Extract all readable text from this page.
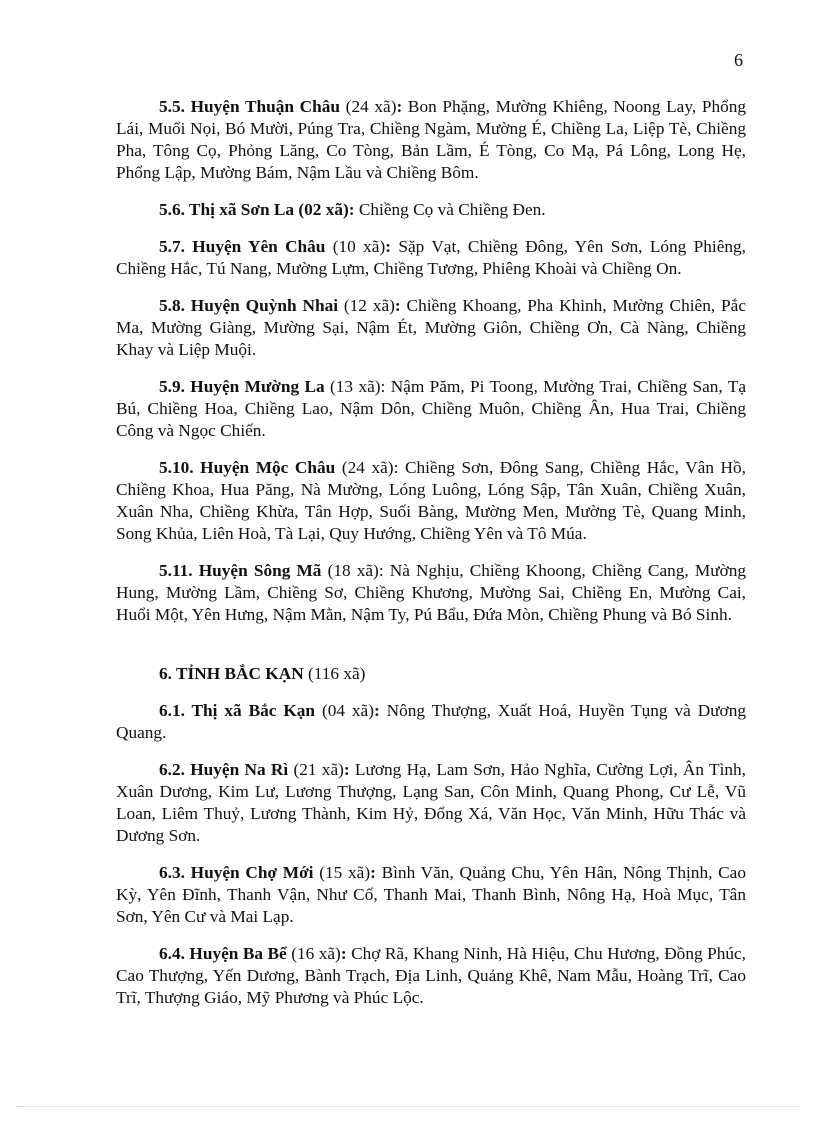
6

5.5. Huyện Thuận Châu (24 xã): Bon Phặng, Mường Khiêng, Noong Lay, Phổng Lái, Muổi Nọi, Bó Mười, Púng Tra, Chiềng Ngàm, Mường É, Chiềng La, Liệp Tè, Chiềng Pha, Tông Cọ, Phỏng Lăng, Co Tòng, Bản Lầm, É Tòng, Co Mạ, Pá Lông, Long Hẹ, Phổng Lập, Mường Bám, Nậm Lầu và Chiềng Bôm.

5.6. Thị xã Sơn La (02 xã): Chiềng Cọ và Chiềng Đen.

5.7. Huyện Yên Châu (10 xã): Sặp Vạt, Chiềng Đông, Yên Sơn, Lóng Phiêng, Chiềng Hắc, Tú Nang, Mường Lựm, Chiềng Tương, Phiêng Khoài và Chiềng On.

5.8. Huyện Quỳnh Nhai (12 xã): Chiềng Khoang, Pha Khinh, Mường Chiên, Pắc Ma, Mường Giàng, Mường Sại, Nậm Ét, Mường Giôn, Chiềng Ơn, Cà Nàng, Chiềng Khay và Liệp Muội.

5.9. Huyện Mường La (13 xã): Nậm Păm, Pi Toong, Mường Trai, Chiềng San, Tạ Bú, Chiềng Hoa, Chiềng Lao, Nậm Dôn, Chiềng Muôn, Chiềng Ân, Hua Trai, Chiềng Công và Ngọc Chiến.

5.10. Huyện Mộc Châu (24 xã): Chiềng Sơn, Đông Sang, Chiềng Hắc, Vân Hồ, Chiềng Khoa, Hua Păng, Nà Mường, Lóng Luông, Lóng Sập, Tân Xuân, Chiềng Xuân, Xuân Nha, Chiềng Khừa, Tân Hợp, Suối Bàng, Mường Men, Mường Tè, Quang Minh, Song Khủa, Liên Hoà, Tà Lại, Quy Hướng, Chiềng Yên và Tô Múa.

5.11. Huyện Sông Mã (18 xã): Nà Nghịu, Chiềng Khoong, Chiềng Cang, Mường Hung, Mường Lầm, Chiềng Sơ, Chiềng Khương, Mường Sai, Chiềng En, Mường Cai, Huổi Một, Yên Hưng, Nậm Mằn, Nậm Ty, Pú Bẩu, Đứa Mòn, Chiềng Phung và Bó Sinh.

6. TỈNH BẮC KẠN (116 xã)

6.1. Thị xã Bắc Kạn (04 xã): Nông Thượng, Xuất Hoá, Huyền Tụng và Dương Quang.

6.2. Huyện Na Rì (21 xã): Lương Hạ, Lam Sơn, Hảo Nghĩa, Cường Lợi, Ân Tình, Xuân Dương, Kim Lư, Lương Thượng, Lạng San, Côn Minh, Quang Phong, Cư Lễ, Vũ Loan, Liêm Thuỷ, Lương Thành, Kim Hỷ, Đổng Xá, Văn Học, Văn Minh, Hữu Thác và Dương Sơn.

6.3. Huyện Chợ Mới (15 xã): Bình Văn, Quảng Chu, Yên Hân, Nông Thịnh, Cao Kỳ, Yên Đĩnh, Thanh Vận, Như Cố, Thanh Mai, Thanh Bình, Nông Hạ, Hoà Mục, Tân Sơn, Yên Cư và Mai Lạp.

6.4. Huyện Ba Bể (16 xã): Chợ Rã, Khang Ninh, Hà Hiệu, Chu Hương, Đồng Phúc, Cao Thượng, Yến Dương, Bành Trạch, Địa Linh, Quảng Khê, Nam Mẫu, Hoàng Trĩ, Cao Trĩ, Thượng Giáo, Mỹ Phương và Phúc Lộc.
